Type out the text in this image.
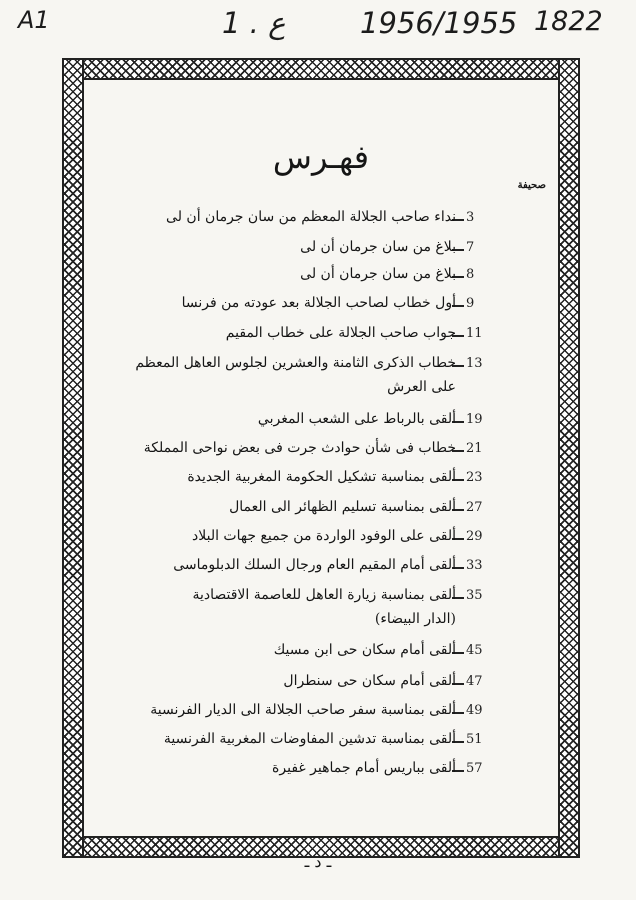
A1	1 . ع	1956/1955 1822
فهـرس
صحيفة
3
نداء صاحب الجلالة المعظم من سان جرمان أن لى
7
بلاغ من سان جرمان أن لى
8
بلاغ من سان جرمان أن لى
9
أول خطاب لصاحب الجلالة بعد عودته من فرنسا
11
جواب صاحب الجلالة على خطاب المقيم
13
خطاب الذكرى الثامنة والعشرين لجلوس العاهل المعظم
على العرش
19
ألقى بالرباط على الشعب المغربي
21
خطاب فى شأن حوادث جرت فى بعض نواحى المملكة
23
ألقى بمناسبة تشكيل الحكومة المغربية الجديدة
27
ألقى بمناسبة تسليم الظهائر الى العمال
29
ألقى على الوفود الواردة من جميع جهات البلاد
33
ألقى أمام المقيم العام ورجال السلك الدبلوماسى
35
ألقى بمناسبة زيارة العاهل للعاصمة الاقتصادية
(الدار البيضاء)
45
ألقى أمام سكان حى ابن مسيك
47
ألقى أمام سكان حى سنطرال
49
ألقى بمناسبة سفر صاحب الجلالة الى الديار الفرنسية
51
ألقى بمناسبة تدشين المفاوضات المغربية الفرنسية
57
ألقى بباريس أمام جماهير غفيرة
ـ د ـ
